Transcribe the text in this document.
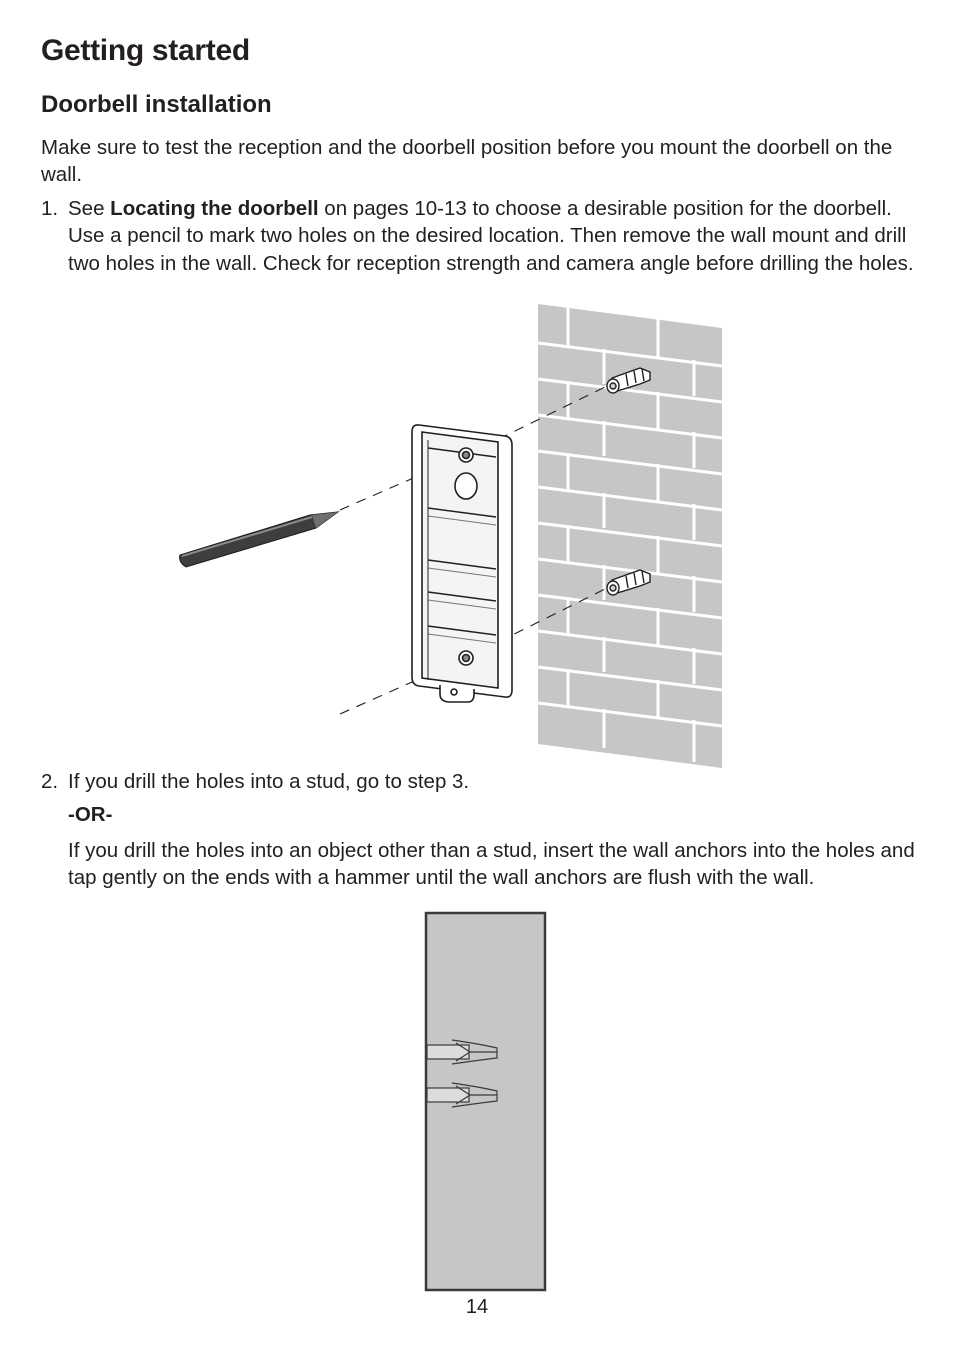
Getting started
Doorbell installation

Make sure to test the reception and the doorbell position before you mount the doorbell on the wall.

1. See Locating the doorbell on pages 10-13 to choose a desirable position for the doorbell. Use a pencil to mark two holes on the desired location. Then remove the wall mount and drill two holes in the wall. Check for reception strength and camera angle before drilling the holes.
2. If you drill the holes into a stud, go to step 3.
-OR-
If you drill the holes into an object other than a stud, insert the wall anchors into the holes and tap gently on the ends with a hammer until the wall anchors are flush with the wall.
14
